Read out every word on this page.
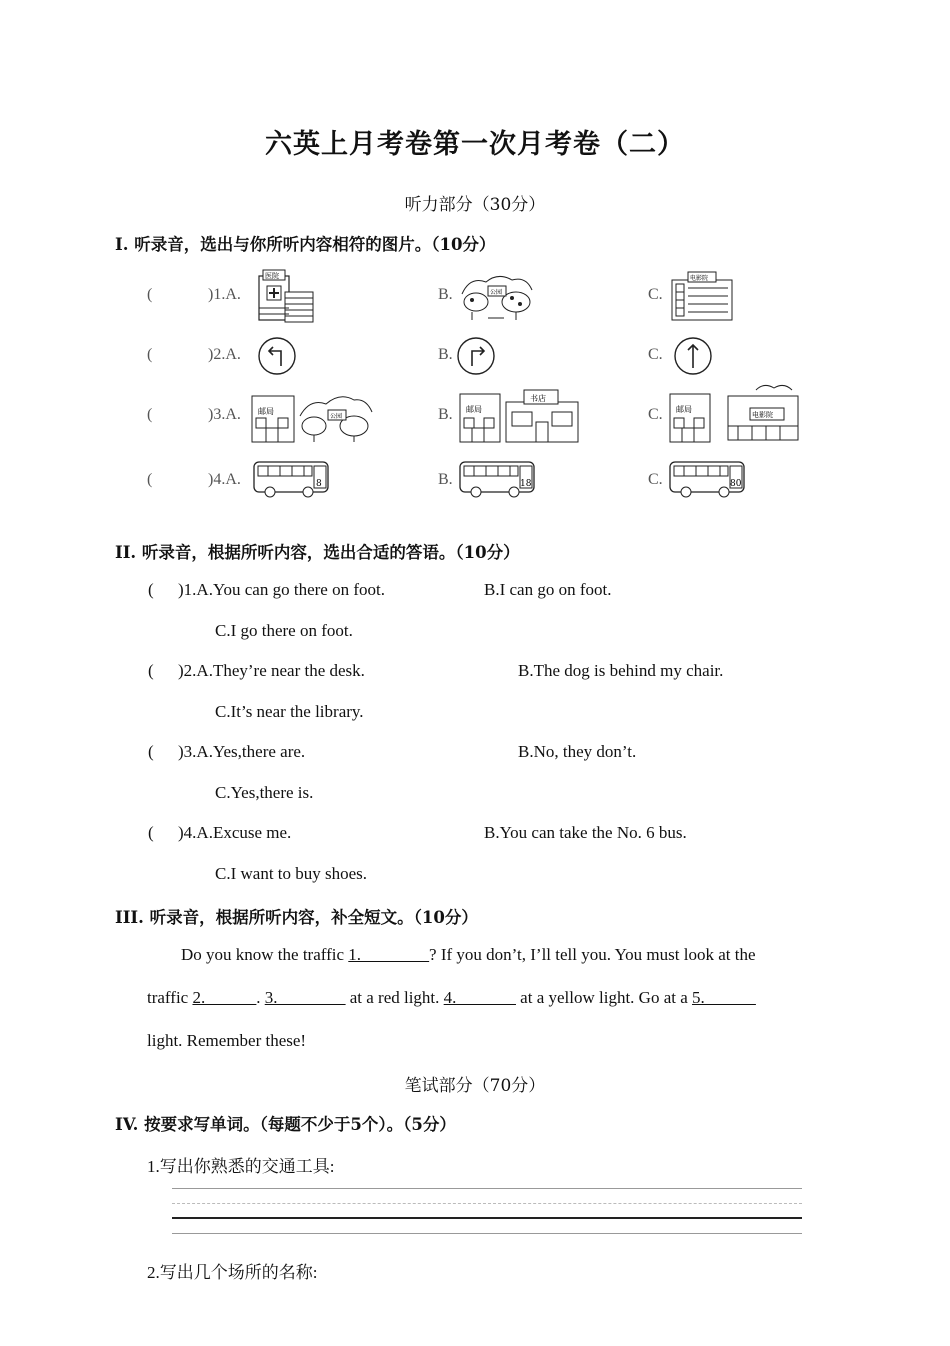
六英上月考卷第一次月考卷（二）
听力部分（30分）
I. 听录音，选出与你所听内容相符的图片。（10分）
(	)1.A.	B.	C.
医院
公园
电影院
(	)2.A.	B.	C.
(	)3.A.	B.	C.
邮局
公园
邮局
书店
邮局
电影院
(	)4.A.	B.	C.
8	18	80
II. 听录音，根据所听内容，选出合适的答语。（10分）
( )1.A.You can go there on foot.	B.I can go on foot.
C.I go there on foot.
( )2.A.They’re near the desk.	B.The dog is behind my chair.
C.It’s near the library.
( )3.A.Yes,there are.	B.No, they don’t.
C.Yes,there is.
( )4.A.Excuse me.	B.You can take the No. 6 bus.
C.I want to buy shoes.
III. 听录音，根据所听内容，补全短文。（10分）
Do you know the traffic 1.________? If you don’t, I’ll tell you. You must look at the
traffic 2.______. 3.________ at a red light. 4._______ at a yellow light. Go at a 5.______
light. Remember these!
笔试部分（70分）
IV. 按要求写单词。（每题不少于5个）。（5分）
1.写出你熟悉的交通工具:
2.写出几个场所的名称:
